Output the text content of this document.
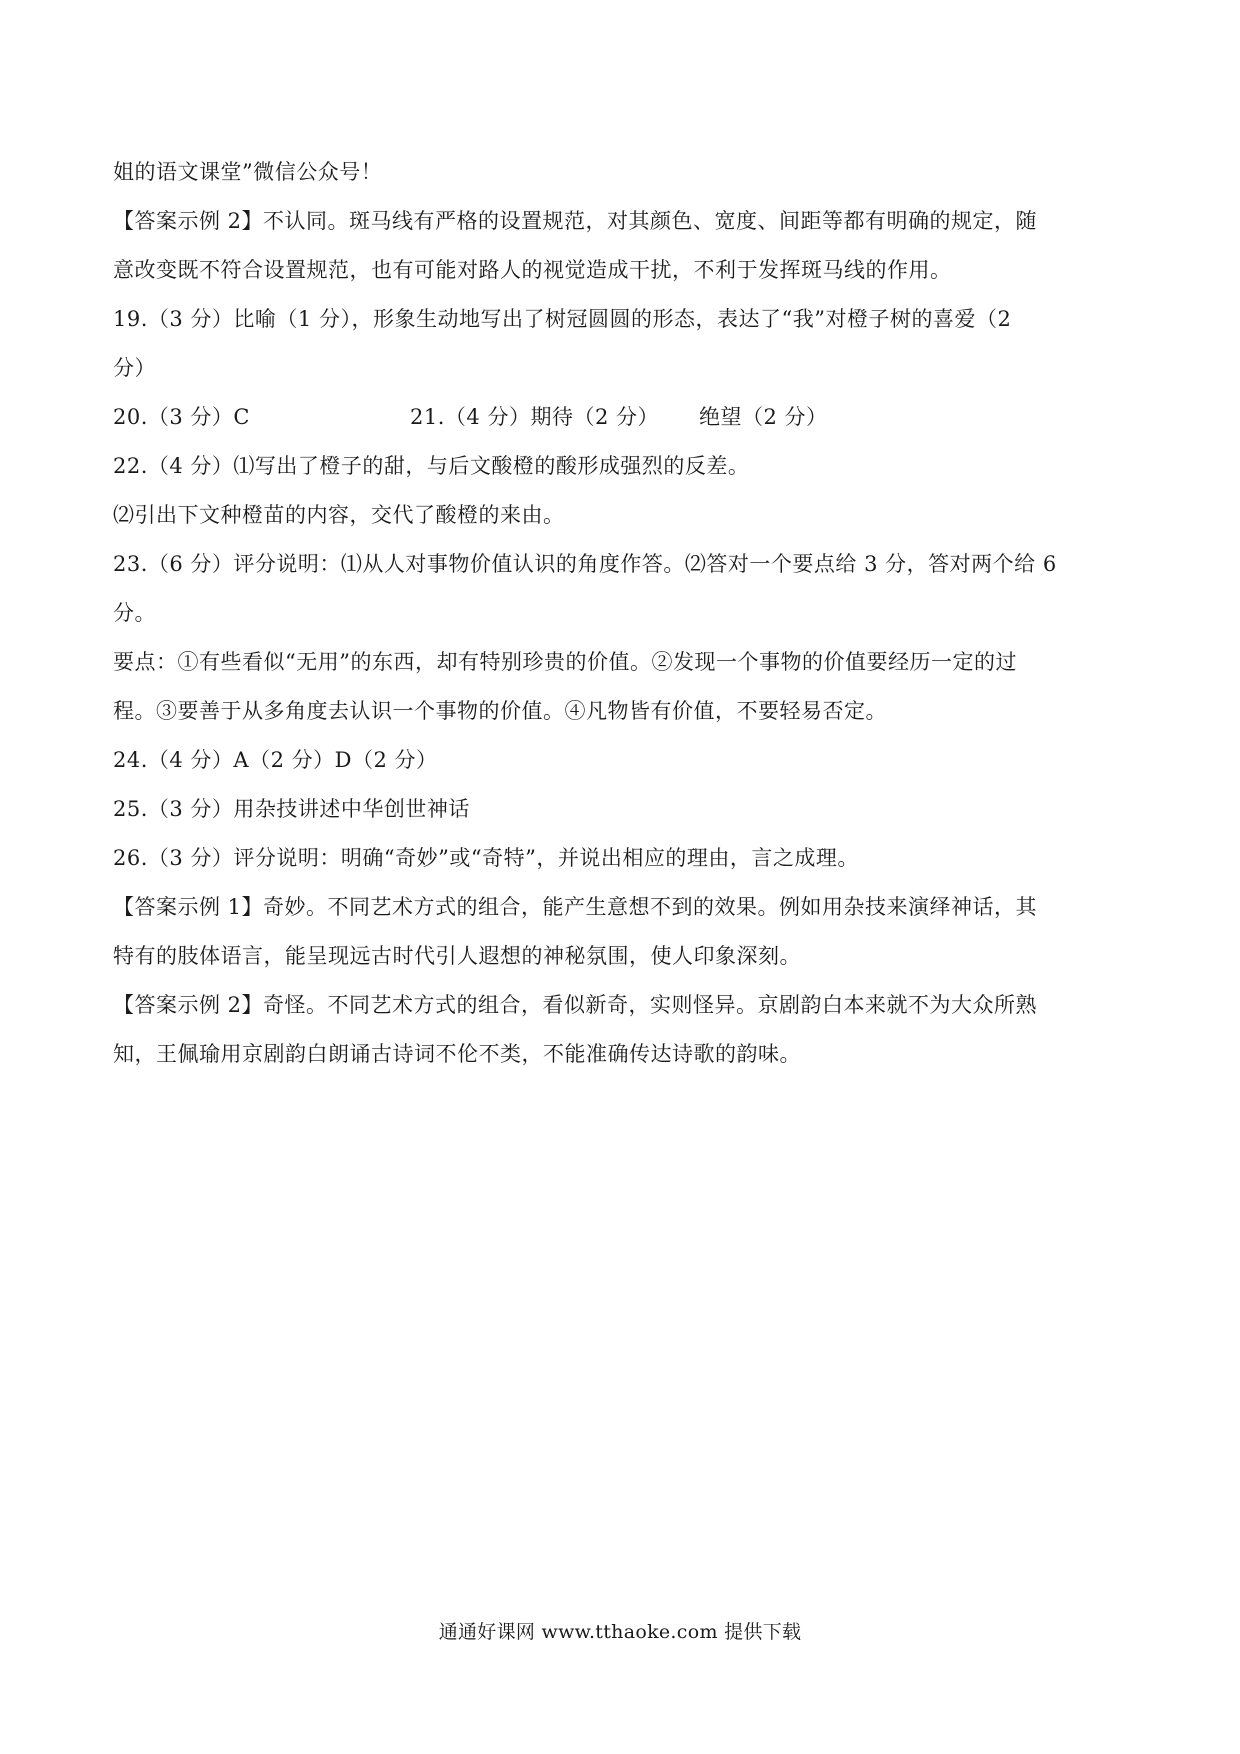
姐的语文课堂”微信公众号！

【答案示例 2】不认同。斑马线有严格的设置规范，对其颜色、宽度、间距等都有明确的规定，随

意改变既不符合设置规范，也有可能对路人的视觉造成干扰，不利于发挥斑马线的作用。

19.（3 分）比喻（1 分），形象生动地写出了树冠圆圆的形态，表达了“我”对橙子树的喜爱（2

分）

20.（3 分）C	21.（4 分）期待（2 分） 绝望（2 分）

22.（4 分）⑴写出了橙子的甜，与后文酸橙的酸形成强烈的反差。

⑵引出下文种橙苗的内容，交代了酸橙的来由。

23.（6 分）评分说明：⑴从人对事物价值认识的角度作答。⑵答对一个要点给 3 分，答对两个给 6

分。

要点：①有些看似“无用”的东西，却有特别珍贵的价值。②发现一个事物的价值要经历一定的过

程。③要善于从多角度去认识一个事物的价值。④凡物皆有价值，不要轻易否定。

24.（4 分）A（2 分）D（2 分）

25.（3 分）用杂技讲述中华创世神话

26.（3 分）评分说明：明确“奇妙”或“奇特”，并说出相应的理由，言之成理。

【答案示例 1】奇妙。不同艺术方式的组合，能产生意想不到的效果。例如用杂技来演绎神话，其

特有的肢体语言，能呈现远古时代引人遐想的神秘氛围，使人印象深刻。

【答案示例 2】奇怪。不同艺术方式的组合，看似新奇，实则怪异。京剧韵白本来就不为大众所熟

知，王佩瑜用京剧韵白朗诵古诗词不伦不类，不能准确传达诗歌的韵味。

通通好课网 www.tthaoke.com 提供下载
